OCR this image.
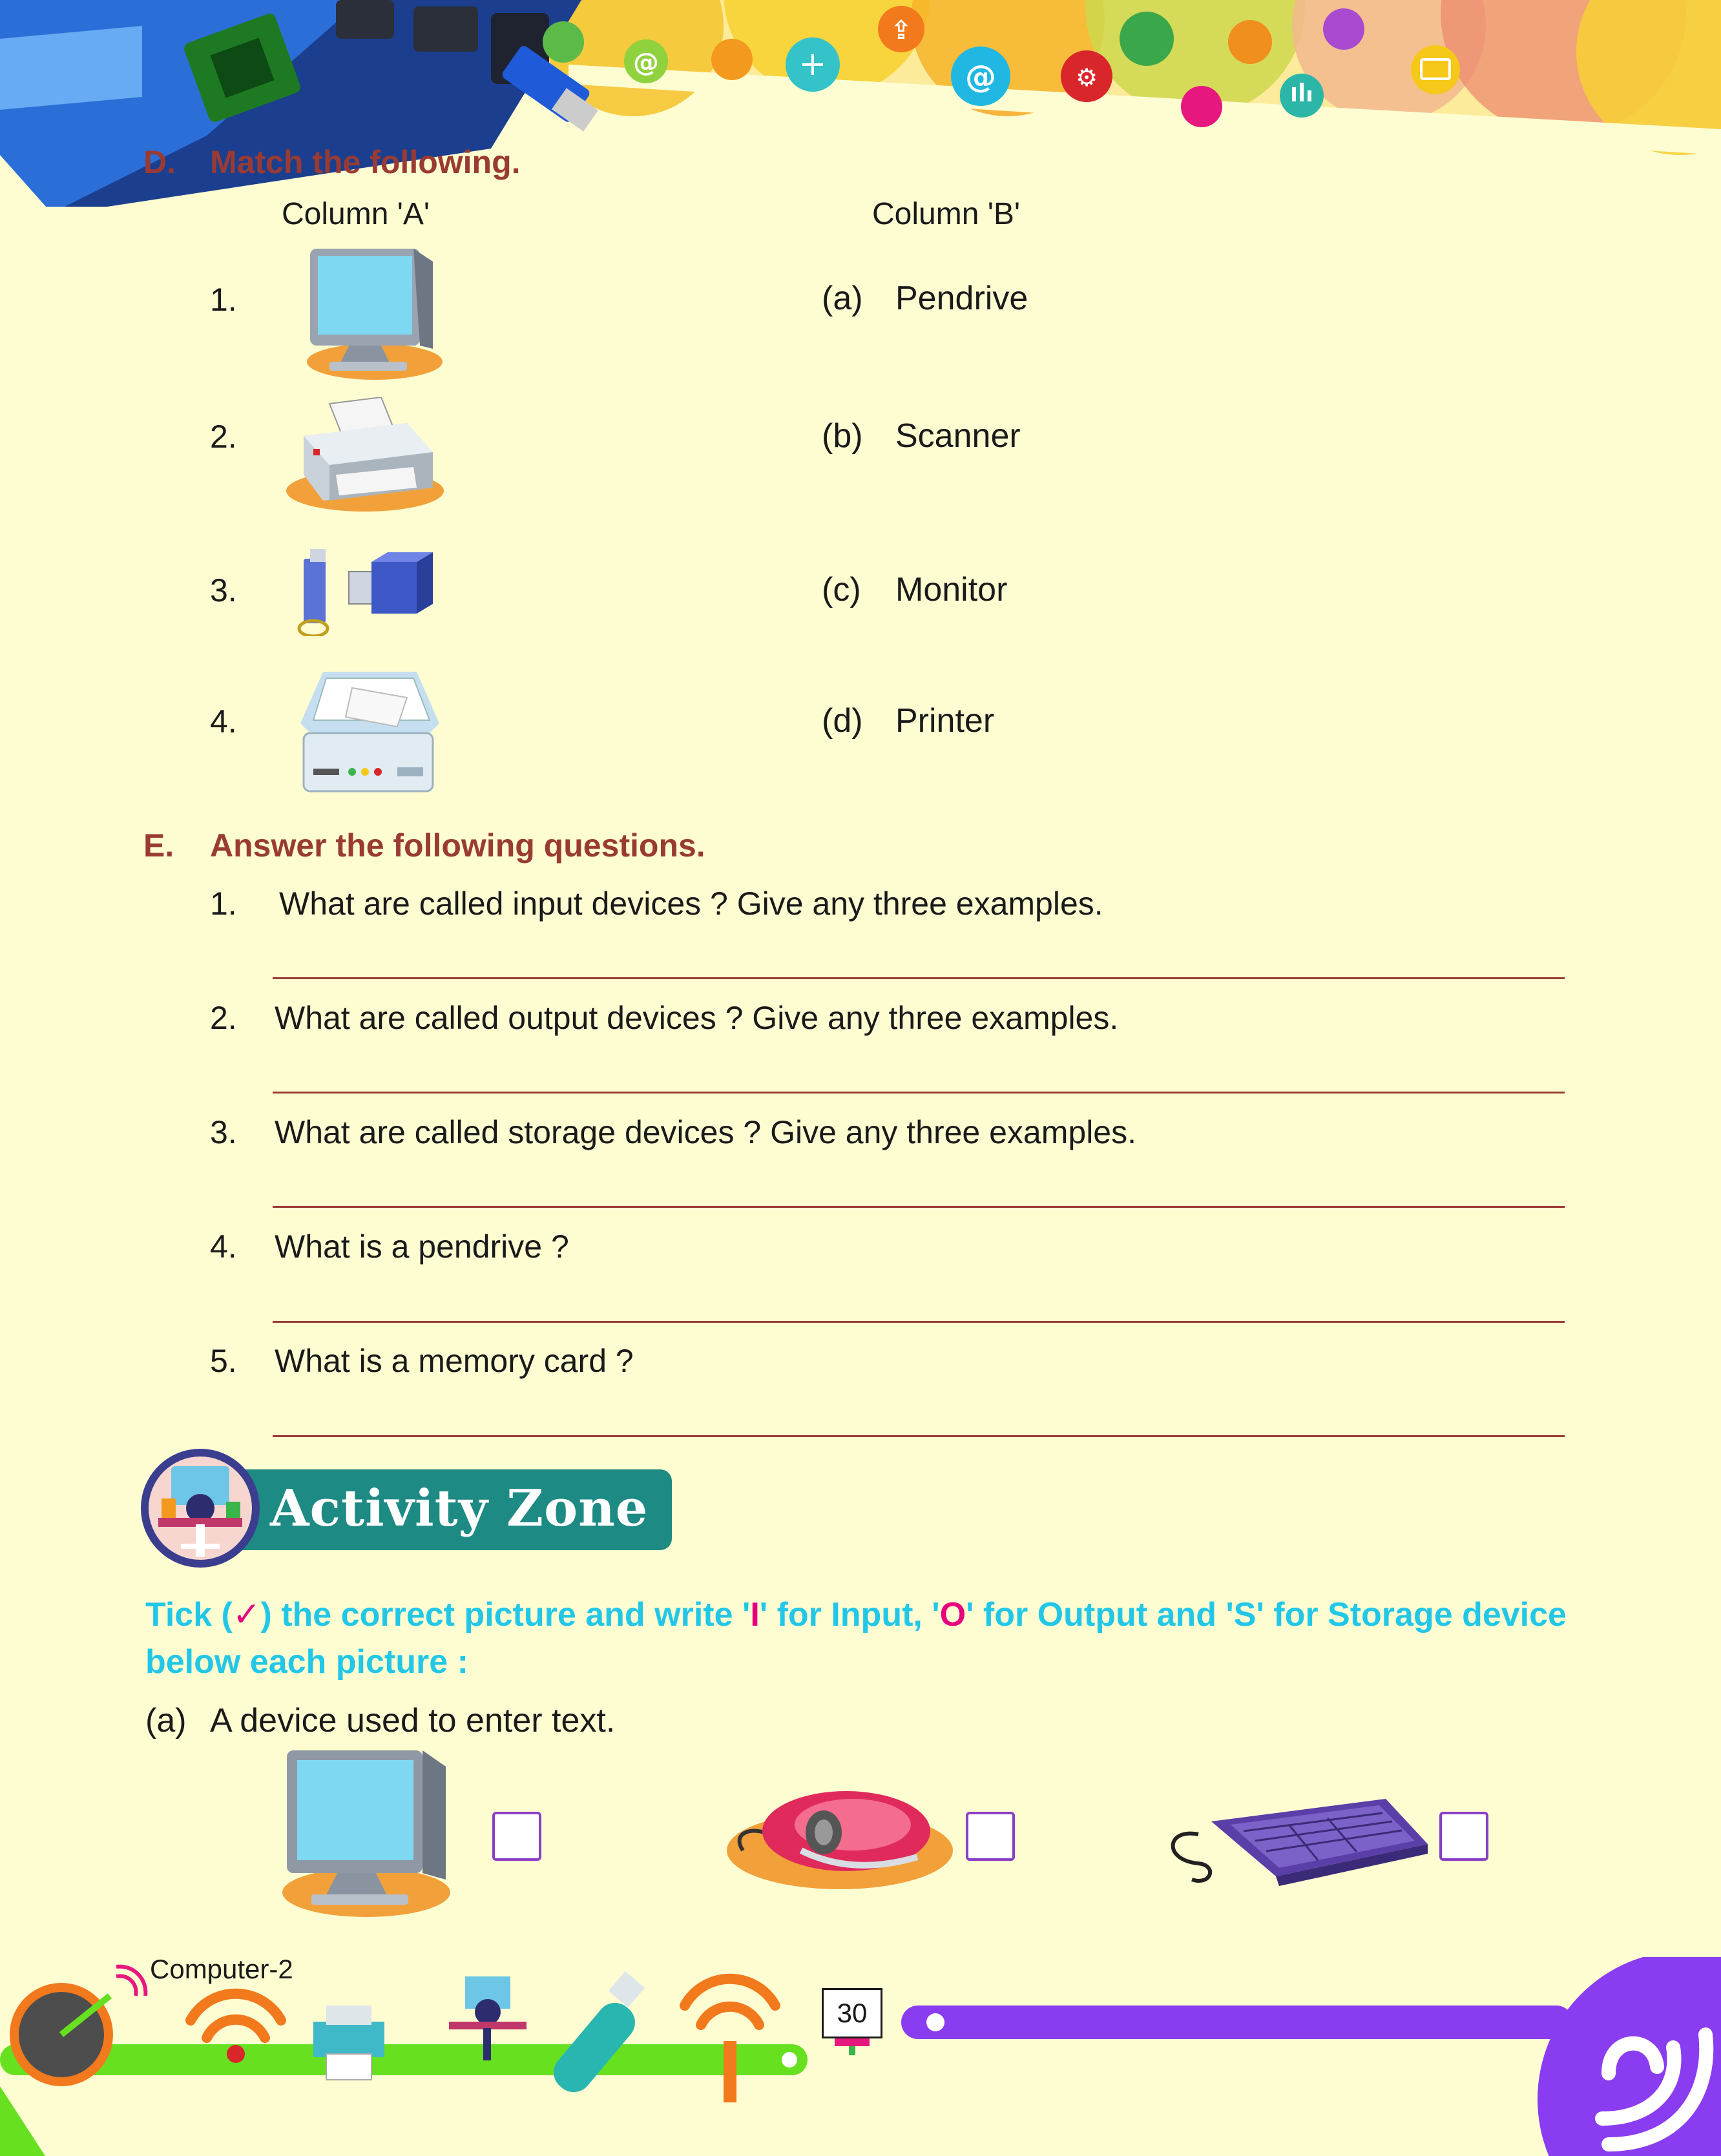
@	@
⇪
⚙
D. Match the following.
Column 'A'	Column 'B'
1.
2.
3.
4.
(a) Pendrive
(b) Scanner
(c) Monitor
(d) Printer
E. Answer the following questions.
1. What are called input devices ? Give any three examples.
2. What are called output devices ? Give any three examples.
3. What are called storage devices ? Give any three examples.
4. What is a pendrive ?
5. What is a memory card ?
Activity Zone
Tick (✓) the correct picture and write 'I' for Input, 'O' for Output and 'S' for Storage device
below each picture :
(a) A device used to enter text.
Computer-2
30
